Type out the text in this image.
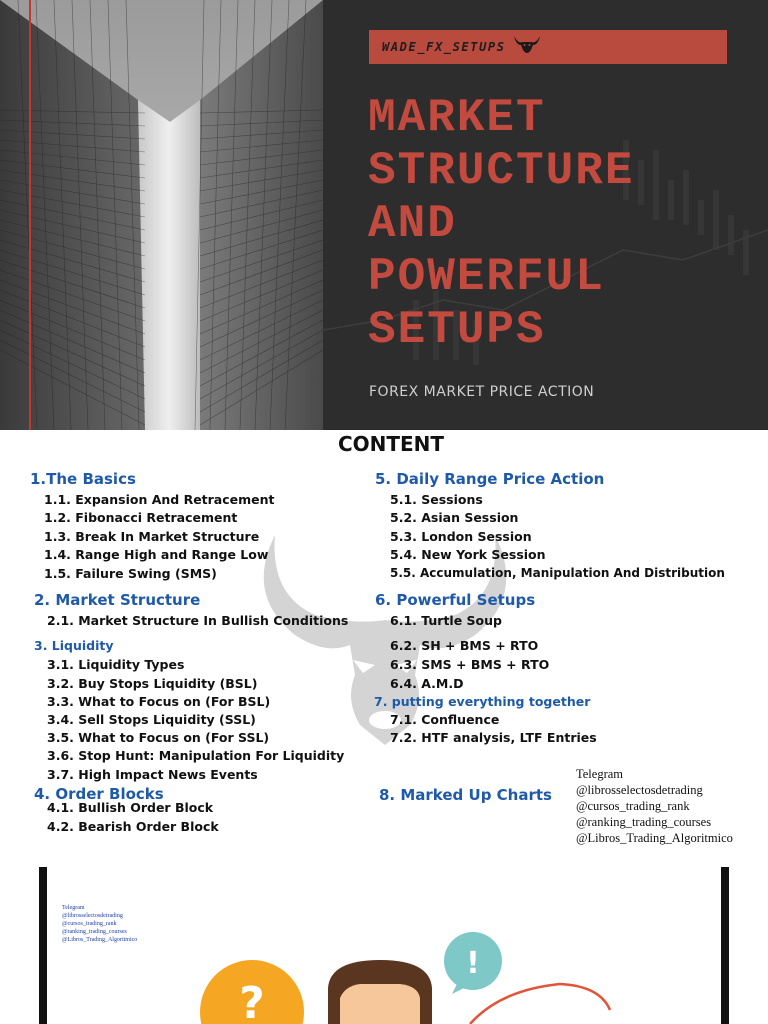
WADE_FX_SETUPS
MARKET
STRUCTURE
AND
POWERFUL
SETUPS
FOREX MARKET PRICE ACTION
CONTENT
1.The Basics
1.1. Expansion And Retracement
1.2. Fibonacci Retracement
1.3. Break In Market Structure
1.4. Range High and Range Low
1.5. Failure Swing (SMS)
2. Market Structure
2.1. Market Structure In Bullish Conditions
3. Liquidity
3.1. Liquidity Types
3.2. Buy Stops Liquidity (BSL)
3.3. What to Focus on (For BSL)
3.4. Sell Stops Liquidity (SSL)
3.5. What to Focus on (For SSL)
3.6. Stop Hunt: Manipulation For Liquidity
3.7. High Impact News Events
4. Order Blocks
4.1. Bullish Order Block
4.2. Bearish Order Block
5. Daily Range Price Action
5.1. Sessions
5.2. Asian Session
5.3. London Session
5.4. New York Session
5.5. Accumulation, Manipulation And Distribution
6. Powerful Setups
6.1. Turtle Soup
6.2. SH + BMS + RTO
6.3. SMS + BMS + RTO
6.4. A.M.D
7. putting everything together
7.1. Confluence
7.2. HTF analysis, LTF Entries
8. Marked Up Charts
Telegram
@librosselectosdetrading
@cursos_trading_rank
@ranking_trading_courses
@Libros_Trading_Algoritmico
Telegram
@librosselectosdetrading
@cursos_trading_rank
@ranking_trading_courses
@Libros_Trading_Algoritmico
?
!
